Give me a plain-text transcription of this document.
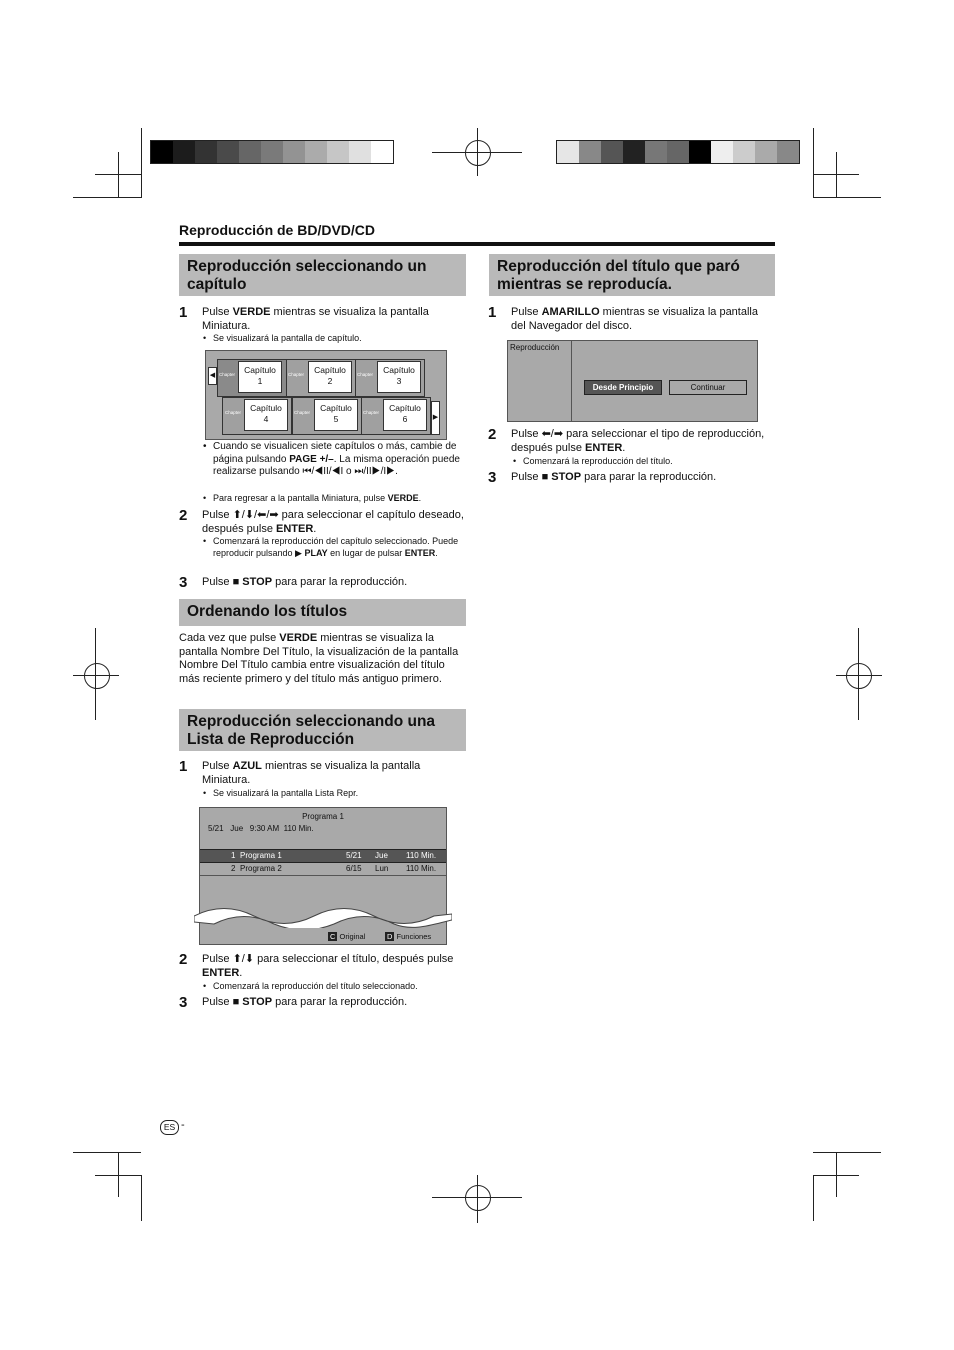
Reproducción de BD/DVD/CD
Reproducción seleccionando un capítulo
1 Pulse VERDE mientras se visualiza la pantalla Miniatura.
• Se visualizará la pantalla de capítulo.
◀
▶
Chapter	Capítulo
1
Chapter	Capítulo
2
Chapter	Capítulo
3
Chapter	Capítulo
4
Chapter	Capítulo
5
Chapter	Capítulo
6
• Cuando se visualicen siete capítulos o más, cambie de página pulsando PAGE +/–. La misma operación puede realizarse pulsando ⏮/◀II/◀I o ⏭/II▶/I▶.
• Para regresar a la pantalla Miniatura, pulse VERDE.
2 Pulse ⬆/⬇/⬅/➡ para seleccionar el capítulo deseado, después pulse ENTER.
• Comenzará la reproducción del capítulo seleccionado. Puede reproducir pulsando ▶ PLAY en lugar de pulsar ENTER.
3 Pulse ■ STOP para parar la reproducción.
Ordenando los títulos
Cada vez que pulse VERDE mientras se visualiza la pantalla Nombre Del Título, la visualización de la pantalla Nombre Del Título cambia entre visualización del título más reciente primero y del título más antiguo primero.
Reproducción seleccionando una Lista de Reproducción
1 Pulse AZUL mientras se visualiza la pantalla Miniatura.
• Se visualizará la pantalla Lista Repr.
Programa 1
5/21   Jue   9:30 AM  110 Min.
1 Programa 1	5/21 Jue 110 Min.
2 Programa 2	6/15 Lun 110 Min.
C Original	D Funciones
2 Pulse ⬆/⬇ para seleccionar el título, después pulse ENTER.
• Comenzará la reproducción del título seleccionado.
3 Pulse ■ STOP para parar la reproducción.
Reproducción del título que paró mientras se reproducía.
1 Pulse AMARILLO mientras se visualiza la pantalla del Navegador del disco.
Reproducción
Desde Principio	Continuar
2 Pulse ⬅/➡ para seleccionar el tipo de reproducción, después pulse ENTER.
• Comenzará la reproducción del título.
3 Pulse ■ STOP para parar la reproducción.
ES -
